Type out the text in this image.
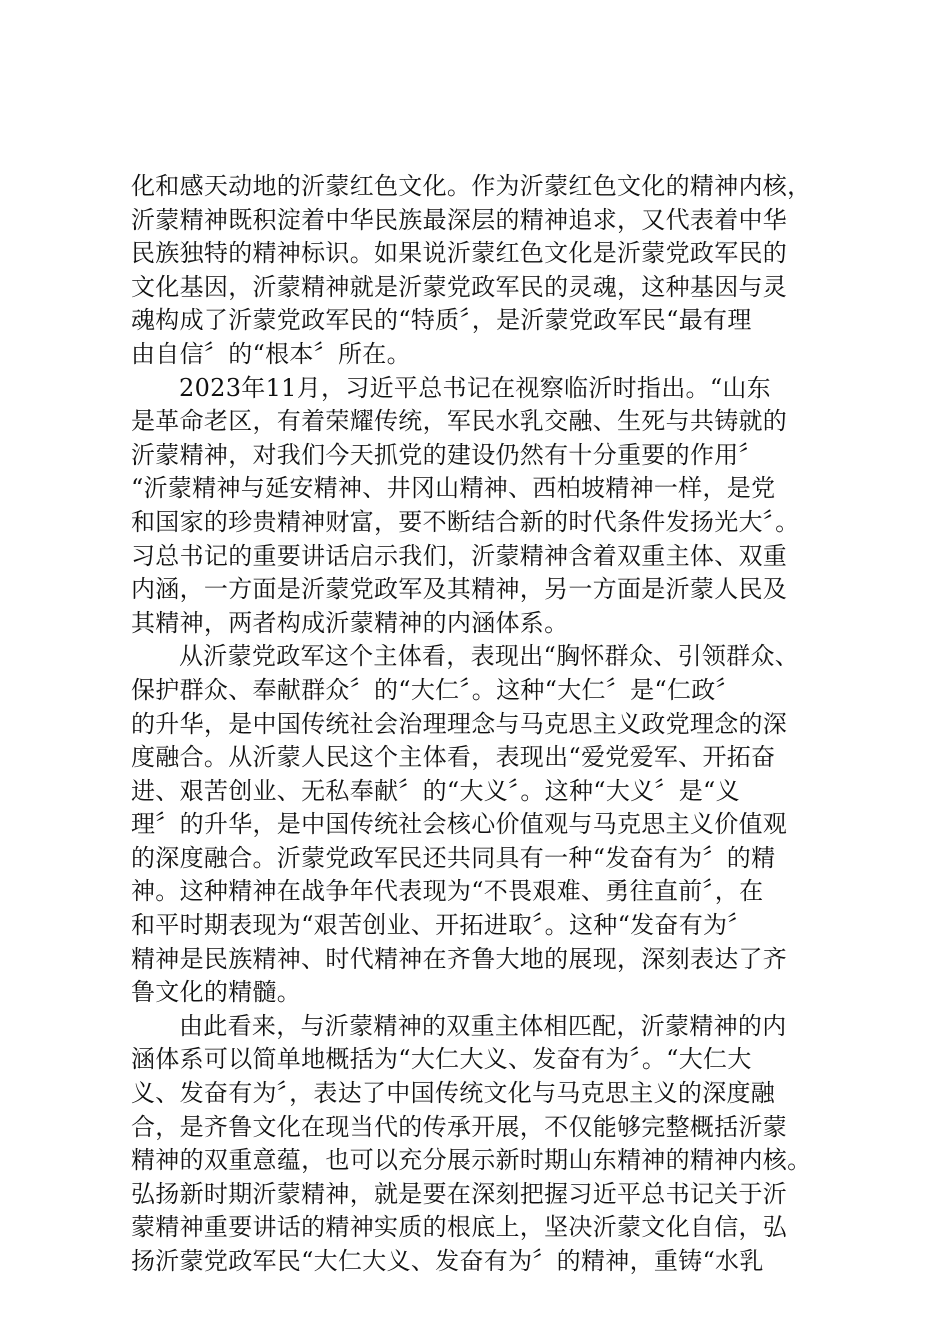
化和感天动地的沂蒙红色文化。作为沂蒙红色文化的精神内核，
沂蒙精神既积淀着中华民族最深层的精神追求，又代表着中华
民族独特的精神标识。如果说沂蒙红色文化是沂蒙党政军民的
文化基因，沂蒙精神就是沂蒙党政军民的灵魂，这种基因与灵
魂构成了沂蒙党政军民的“特质〞，是沂蒙党政军民“最有理
由自信〞的“根本〞所在。
2023年11月，习近平总书记在视察临沂时指出。“山东
是革命老区，有着荣耀传统，军民水乳交融、生死与共铸就的
沂蒙精神，对我们今天抓党的建设仍然有十分重要的作用〞
“沂蒙精神与延安精神、井冈山精神、西柏坡精神一样，是党
和国家的珍贵精神财富，要不断结合新的时代条件发扬光大〞。
习总书记的重要讲话启示我们，沂蒙精神含着双重主体、双重
内涵，一方面是沂蒙党政军及其精神，另一方面是沂蒙人民及
其精神，两者构成沂蒙精神的内涵体系。
从沂蒙党政军这个主体看，表现出“胸怀群众、引领群众、
保护群众、奉献群众〞的“大仁〞。这种“大仁〞是“仁政〞
的升华，是中国传统社会治理理念与马克思主义政党理念的深
度融合。从沂蒙人民这个主体看，表现出“爱党爱军、开拓奋
进、艰苦创业、无私奉献〞的“大义〞。这种“大义〞是“义
理〞的升华，是中国传统社会核心价值观与马克思主义价值观
的深度融合。沂蒙党政军民还共同具有一种“发奋有为〞的精
神。这种精神在战争年代表现为“不畏艰难、勇往直前〞，在
和平时期表现为“艰苦创业、开拓进取〞。这种“发奋有为〞
精神是民族精神、时代精神在齐鲁大地的展现，深刻表达了齐
鲁文化的精髓。
由此看来，与沂蒙精神的双重主体相匹配，沂蒙精神的内
涵体系可以简单地概括为“大仁大义、发奋有为〞。“大仁大
义、发奋有为〞，表达了中国传统文化与马克思主义的深度融
合，是齐鲁文化在现当代的传承开展，不仅能够完整概括沂蒙
精神的双重意蕴，也可以充分展示新时期山东精神的精神内核。
弘扬新时期沂蒙精神，就是要在深刻把握习近平总书记关于沂
蒙精神重要讲话的精神实质的根底上，坚决沂蒙文化自信，弘
扬沂蒙党政军民“大仁大义、发奋有为〞的精神，重铸“水乳
